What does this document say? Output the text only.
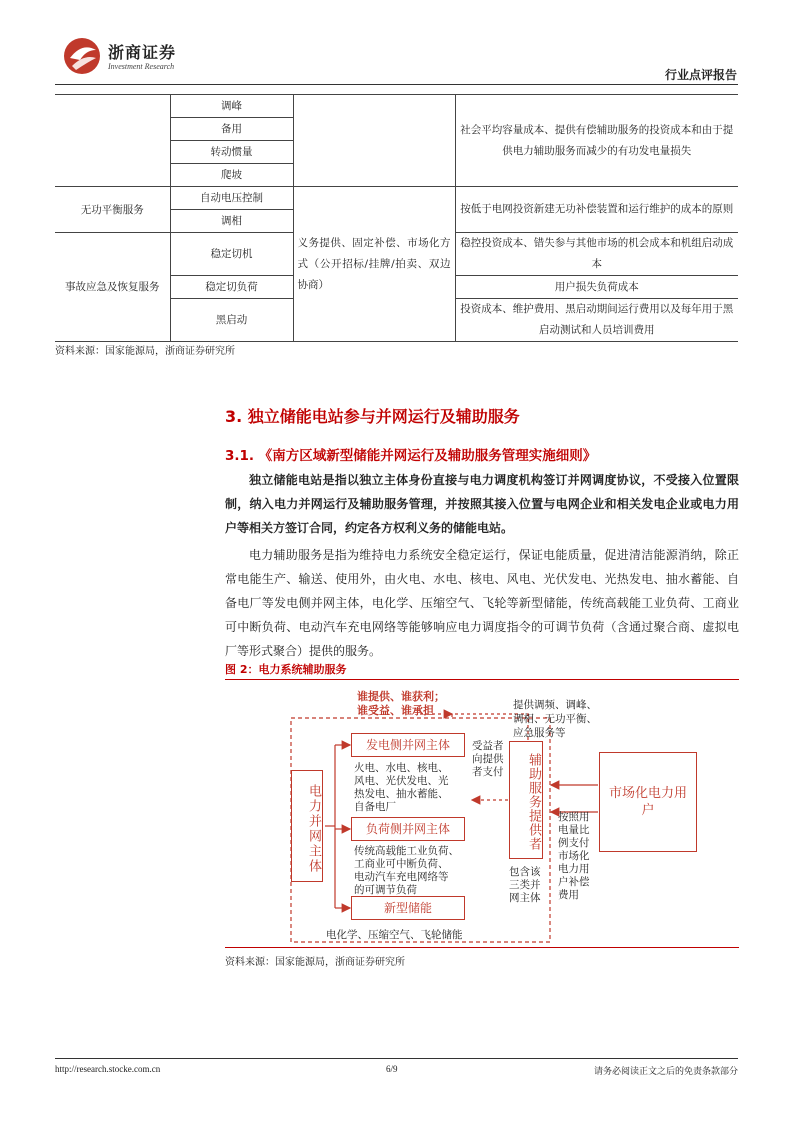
浙商证券
Investment Research
行业点评报告
	调峰		社会平均容量成本、提供有偿辅助服务的投资成本和由于提供电力辅助服务而减少的有功发电量损失
	备用		
	转动惯量		
	爬坡		
无功平衡服务	自动电压控制	义务提供、固定补偿、市场化方式（公开招标/挂牌/拍卖、双边协商）	按低于电网投资新建无功补偿装置和运行维护的成本的原则
	调相		
事故应急及恢复服务	稳定切机		稳控投资成本、错失参与其他市场的机会成本和机组启动成本
	稳定切负荷		用户损失负荷成本
	黑启动		投资成本、维护费用、黑启动期间运行费用以及每年用于黑启动测试和人员培训费用
资料来源：国家能源局，浙商证券研究所
3. 独立储能电站参与并网运行及辅助服务
3.1. 《南方区域新型储能并网运行及辅助服务管理实施细则》
独立储能电站是指以独立主体身份直接与电力调度机构签订并网调度协议，不受接入位置限制，纳入电力并网运行及辅助服务管理，并按照其接入位置与电网企业和相关发电企业或电力用户等相关方签订合同，约定各方权利义务的储能电站。
电力辅助服务是指为维持电力系统安全稳定运行，保证电能质量，促进清洁能源消纳，除正常电能生产、输送、使用外，由火电、水电、核电、风电、光伏发电、光热发电、抽水蓄能、自备电厂等发电侧并网主体，电化学、压缩空气、飞轮等新型储能，传统高载能工业负荷、工商业可中断负荷、电动汽车充电网络等能够响应电力调度指令的可调节负荷（含通过聚合商、虚拟电厂等形式聚合）提供的服务。
图 2：电力系统辅助服务
谁提供、谁获利；
谁受益、谁承担	提供调频、调峰、
调相、无功平衡、
应急服务等
电力并网主体
发电侧并网主体
火电、水电、核电、
风电、光伏发电、光
热发电、抽水蓄能、
自备电厂
负荷侧并网主体
传统高载能工业负荷、
工商业可中断负荷、
电动汽车充电网络等
的可调节负荷
新型储能
电化学、压缩空气、飞轮储能
受益者
向提供
者支付	辅助服务提供者
包含该
三类并
网主体
市场化电力用户
按照用
电量比
例支付
市场化
电力用
户补偿
费用
资料来源：国家能源局，浙商证券研究所
http://research.stocke.com.cn	6/9	请务必阅读正文之后的免责条款部分
